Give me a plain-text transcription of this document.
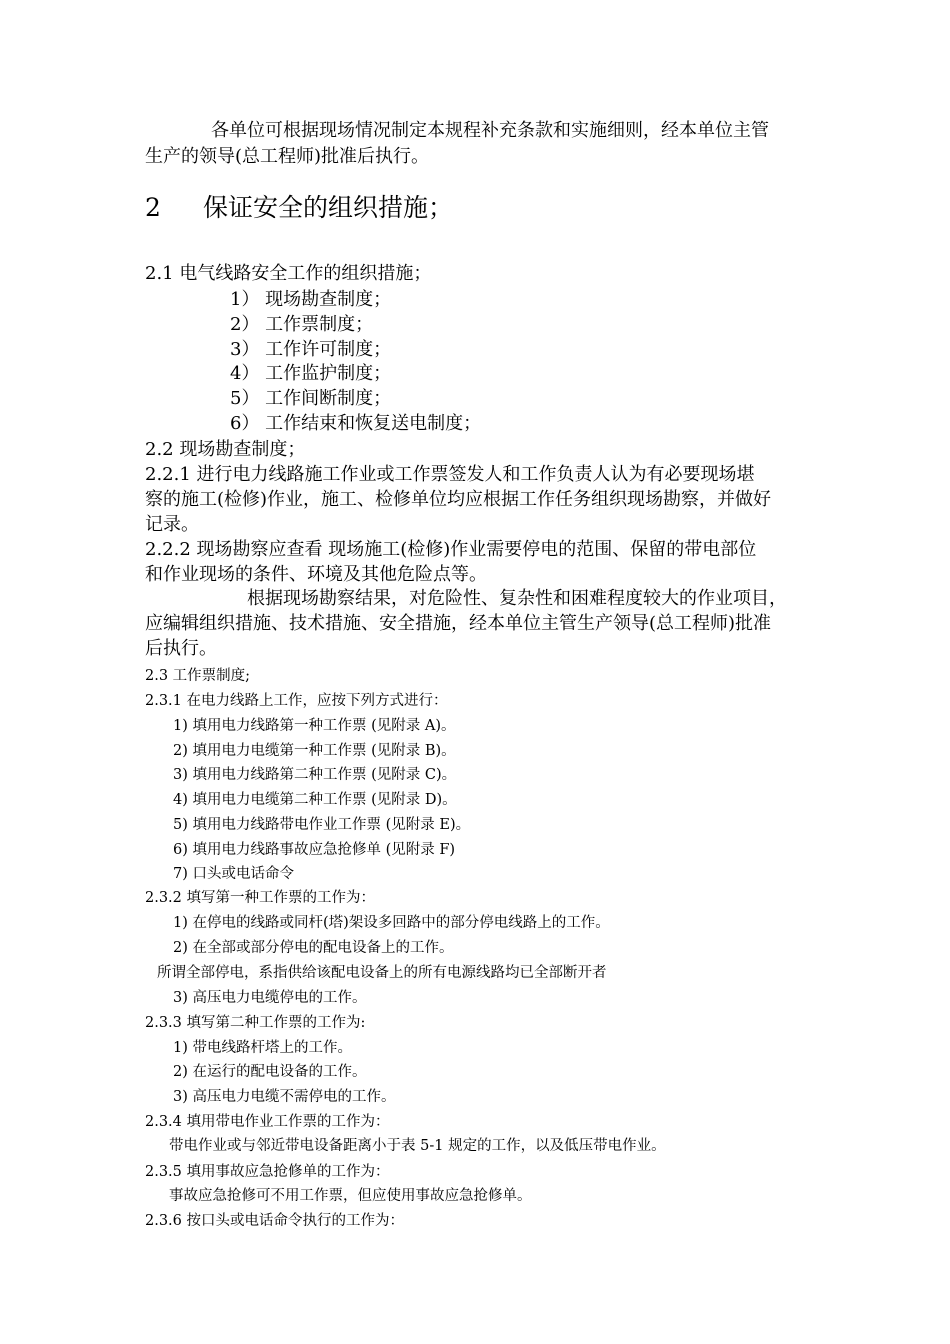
各单位可根据现场情况制定本规程补充条款和实施细则，经本单位主管
生产的领导(总工程师)批准后执行。
2 保证安全的组织措施；
2.1 电气线路安全工作的组织措施；
1） 现场勘查制度；
2） 工作票制度；
3） 工作许可制度；
4） 工作监护制度；
5） 工作间断制度；
6） 工作结束和恢复送电制度；
2.2 现场勘查制度；
2.2.1 进行电力线路施工作业或工作票签发人和工作负责人认为有必要现场堪
察的施工(检修)作业，施工、检修单位均应根据工作任务组织现场勘察，并做好
记录。
2.2.2 现场勘察应查看 现场施工(检修)作业需要停电的范围、保留的带电部位
和作业现场的条件、环境及其他危险点等。
根据现场勘察结果，对危险性、复杂性和困难程度较大的作业项目，
应编辑组织措施、技术措施、安全措施，经本单位主管生产领导(总工程师)批准
后执行。
2.3 工作票制度;
2.3.1 在电力线路上工作，应按下列方式进行：
1) 填用电力线路第一种工作票 (见附录 A)。
2) 填用电力电缆第一种工作票 (见附录 B)。
3) 填用电力线路第二种工作票 (见附录 C)。
4) 填用电力电缆第二种工作票 (见附录 D)。
5) 填用电力线路带电作业工作票 (见附录 E)。
6) 填用电力线路事故应急抢修单 (见附录 F)
7) 口头或电话命令
2.3.2 填写第一种工作票的工作为：
1) 在停电的线路或同杆(塔)架设多回路中的部分停电线路上的工作。
2) 在全部或部分停电的配电设备上的工作。
所谓全部停电，系指供给该配电设备上的所有电源线路均已全部断开者
3) 高压电力电缆停电的工作。
2.3.3 填写第二种工作票的工作为:
1) 带电线路杆塔上的工作。
2) 在运行的配电设备的工作。
3) 高压电力电缆不需停电的工作。
2.3.4 填用带电作业工作票的工作为：
带电作业或与邻近带电设备距离小于表 5-1 规定的工作，以及低压带电作业。
2.3.5 填用事故应急抢修单的工作为：
事故应急抢修可不用工作票，但应使用事故应急抢修单。
2.3.6 按口头或电话命令执行的工作为：
